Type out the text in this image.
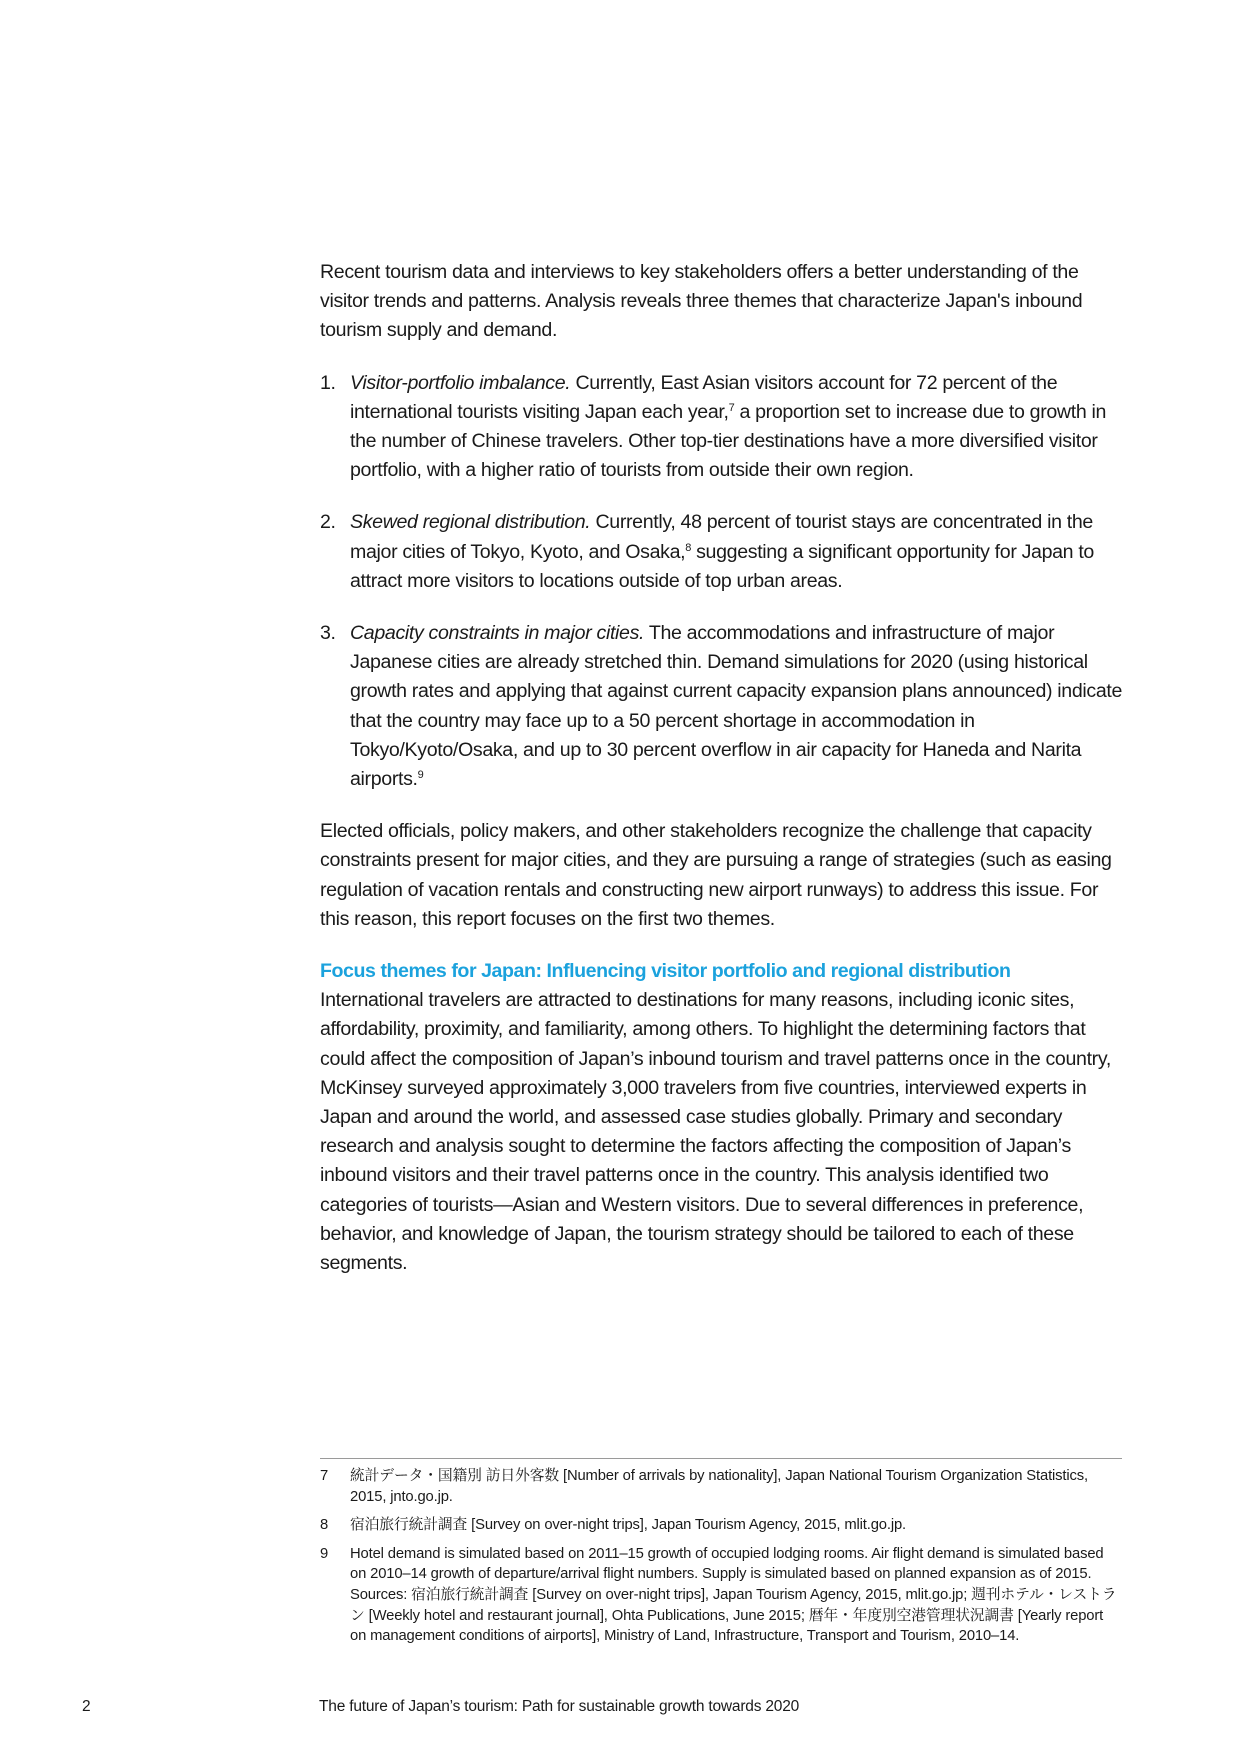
Recent tourism data and interviews to key stakeholders offers a better understanding of the visitor trends and patterns. Analysis reveals three themes that characterize Japan's inbound tourism supply and demand.

1. Visitor-portfolio imbalance. Currently, East Asian visitors account for 72 percent of the international tourists visiting Japan each year,$^7$ a proportion set to increase due to growth in the number of Chinese travelers. Other top-tier destinations have a more diversified visitor portfolio, with a higher ratio of tourists from outside their own region.
2. Skewed regional distribution. Currently, 48 percent of tourist stays are concentrated in the major cities of Tokyo, Kyoto, and Osaka,$^8$ suggesting a significant opportunity for Japan to attract more visitors to locations outside of top urban areas.
3. Capacity constraints in major cities. The accommodations and infrastructure of major Japanese cities are already stretched thin. Demand simulations for 2020 (using historical growth rates and applying that against current capacity expansion plans announced) indicate that the country may face up to a 50 percent shortage in accommodation in Tokyo/Kyoto/Osaka, and up to 30 percent overflow in air capacity for Haneda and Narita airports.$^9$

Elected officials, policy makers, and other stakeholders recognize the challenge that capacity constraints present for major cities, and they are pursuing a range of strategies (such as easing regulation of vacation rentals and constructing new airport runways) to address this issue. For this reason, this report focuses on the first two themes.

Focus themes for Japan: Influencing visitor portfolio and regional distribution

International travelers are attracted to destinations for many reasons, including iconic sites, affordability, proximity, and familiarity, among others. To highlight the determining factors that could affect the composition of Japan’s inbound tourism and travel patterns once in the country, McKinsey surveyed approximately 3,000 travelers from five countries, interviewed experts in Japan and around the world, and assessed case studies globally. Primary and secondary research and analysis sought to determine the factors affecting the composition of Japan’s inbound visitors and their travel patterns once in the country. This analysis identified two categories of tourists—Asian and Western visitors. Due to several differences in preference, behavior, and knowledge of Japan, the tourism strategy should be tailored to each of these segments.

7 統計データ・国籍別 訪日外客数 [Number of arrivals by nationality], Japan National Tourism Organization Statistics, 2015, jnto.go.jp.
8 宿泊旅行統計調査 [Survey on over-night trips], Japan Tourism Agency, 2015, mlit.go.jp.
9 Hotel demand is simulated based on 2011–15 growth of occupied lodging rooms. Air flight demand is simulated based on 2010–14 growth of departure/arrival flight numbers. Supply is simulated based on planned expansion as of 2015. Sources: 宿泊旅行統計調査 [Survey on over-night trips], Japan Tourism Agency, 2015, mlit.go.jp; 週刊ホテル・レストラン [Weekly hotel and restaurant journal], Ohta Publications, June 2015; 暦年・年度別空港管理状況調書 [Yearly report on management conditions of airports], Ministry of Land, Infrastructure, Transport and Tourism, 2010–14.
2	The future of Japan’s tourism: Path for sustainable growth towards 2020
